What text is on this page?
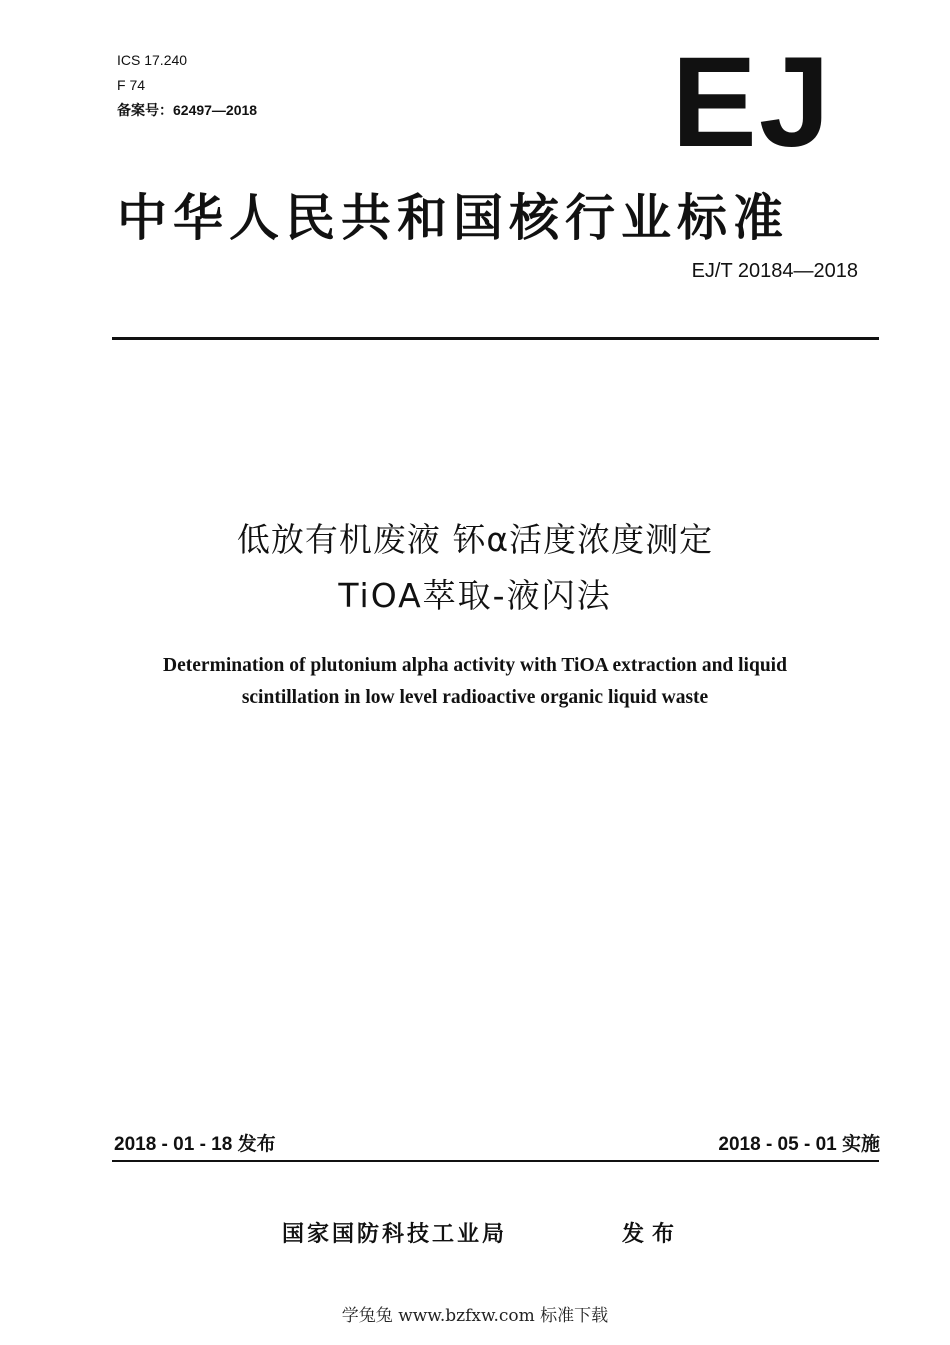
ICS 17.240
F 74
备案号：62497—2018	EJ
中华人民共和国核行业标准
EJ/T 20184—2018
低放有机废液 钚α活度浓度测定
TiOA萃取-液闪法
Determination of plutonium alpha activity with TiOA extraction and liquid
scintillation in low level radioactive organic liquid waste
2018 - 01 - 18 发布	2018 - 05 - 01 实施
国家国防科技工业局	发布
学兔兔 www.bzfxw.com 标准下载
